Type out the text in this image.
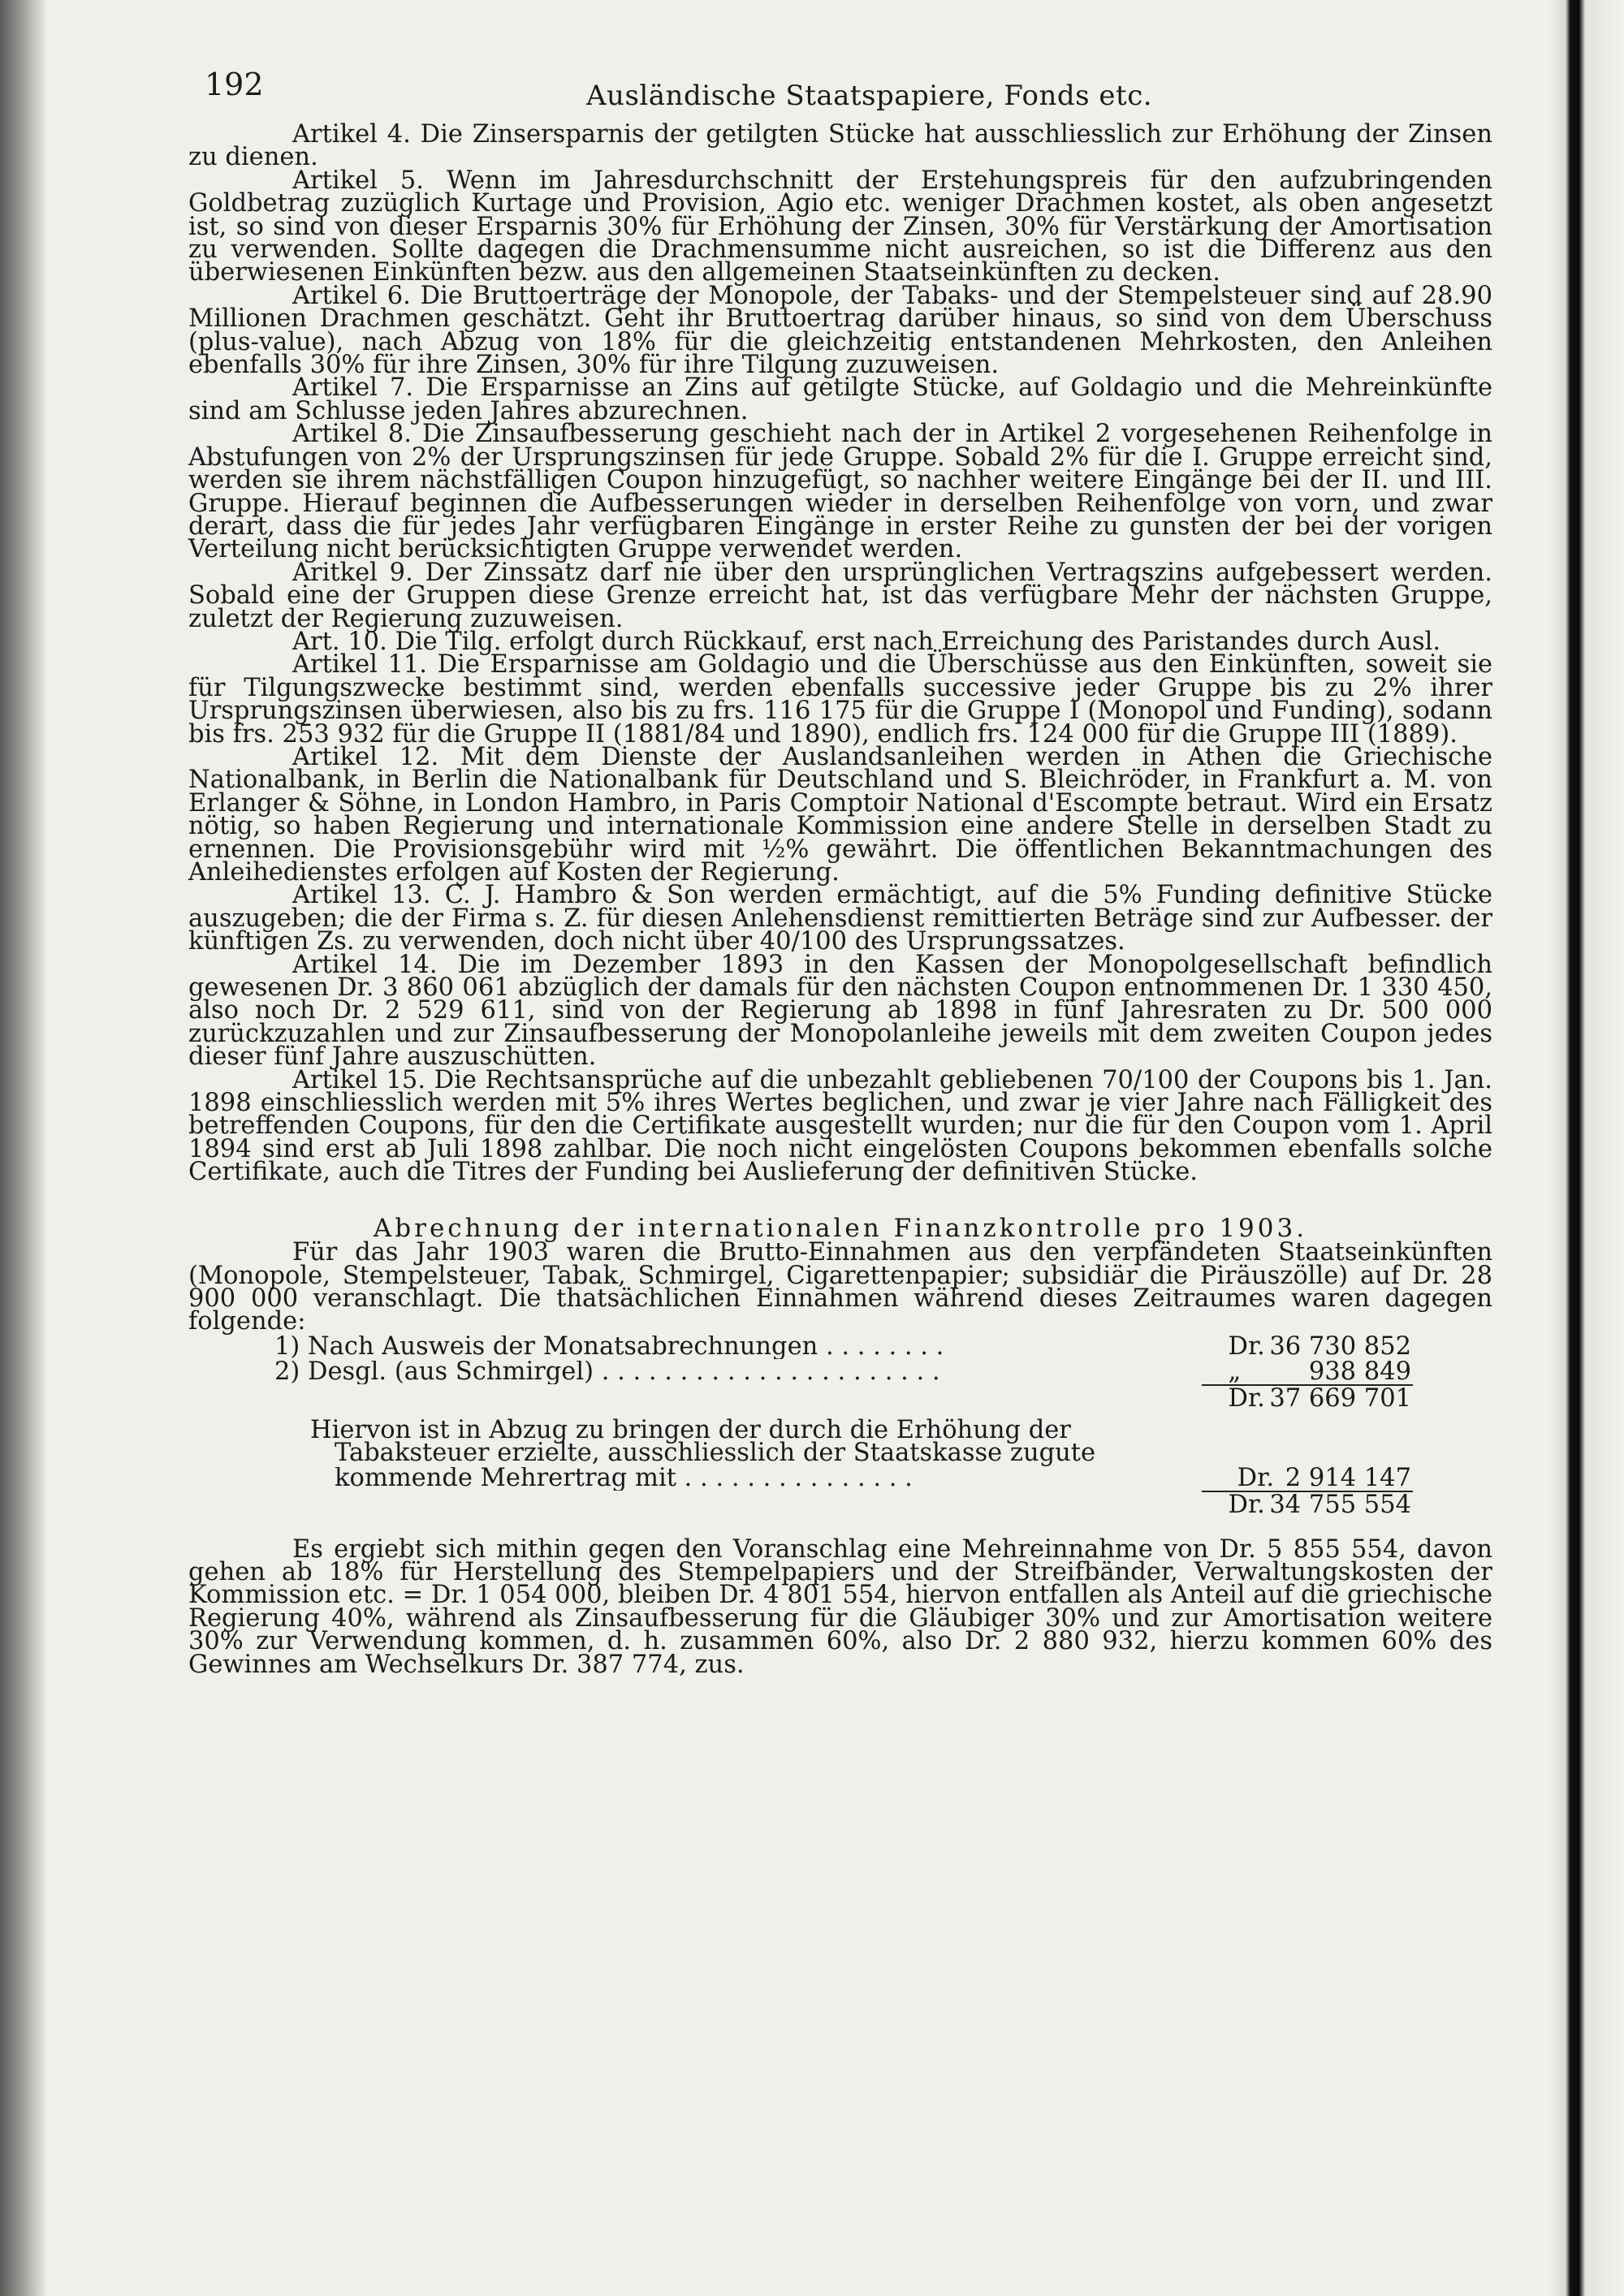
192	Ausländische Staatspapiere, Fonds etc.

Artikel 4. Die Zinsersparnis der getilgten Stücke hat ausschliesslich zur Erhöhung der Zinsen zu dienen.

Artikel 5. Wenn im Jahresdurchschnitt der Erstehungspreis für den aufzubringenden Goldbetrag zuzüglich Kurtage und Provision, Agio etc. weniger Drachmen kostet, als oben angesetzt ist, so sind von dieser Ersparnis 30% für Erhöhung der Zinsen, 30% für Verstärkung der Amortisation zu verwenden. Sollte dagegen die Drachmensumme nicht ausreichen, so ist die Differenz aus den überwiesenen Einkünften bezw. aus den allgemeinen Staatseinkünften zu decken.

Artikel 6. Die Bruttoerträge der Monopole, der Tabaks- und der Stempelsteuer sind auf 28.90 Millionen Drachmen geschätzt. Geht ihr Bruttoertrag darüber hinaus, so sind von dem Überschuss (plus-value), nach Abzug von 18% für die gleichzeitig entstandenen Mehrkosten, den Anleihen ebenfalls 30% für ihre Zinsen, 30% für ihre Tilgung zuzuweisen.

Artikel 7. Die Ersparnisse an Zins auf getilgte Stücke, auf Goldagio und die Mehreinkünfte sind am Schlusse jeden Jahres abzurechnen.

Artikel 8. Die Zinsaufbesserung geschieht nach der in Artikel 2 vorgesehenen Reihenfolge in Abstufungen von 2% der Ursprungszinsen für jede Gruppe. Sobald 2% für die I. Gruppe erreicht sind, werden sie ihrem nächstfälligen Coupon hinzugefügt, so nachher weitere Eingänge bei der II. und III. Gruppe. Hierauf beginnen die Aufbesserungen wieder in derselben Reihenfolge von vorn, und zwar derart, dass die für jedes Jahr verfügbaren Eingänge in erster Reihe zu gunsten der bei der vorigen Verteilung nicht berücksichtigten Gruppe verwendet werden.

Aritkel 9. Der Zinssatz darf nie über den ursprünglichen Vertragszins aufgebessert werden. Sobald eine der Gruppen diese Grenze erreicht hat, ist das verfügbare Mehr der nächsten Gruppe, zuletzt der Regierung zuzuweisen.

Art. 10. Die Tilg. erfolgt durch Rückkauf, erst nach Erreichung des Paristandes durch Ausl.

Artikel 11. Die Ersparnisse am Goldagio und die Überschüsse aus den Einkünften, soweit sie für Tilgungszwecke bestimmt sind, werden ebenfalls successive jeder Gruppe bis zu 2% ihrer Ursprungszinsen überwiesen, also bis zu frs. 116 175 für die Gruppe I (Monopol und Funding), sodann bis frs. 253 932 für die Gruppe II (1881/84 und 1890), endlich frs. 124 000 für die Gruppe III (1889).

Artikel 12. Mit dem Dienste der Auslandsanleihen werden in Athen die Griechische Nationalbank, in Berlin die Nationalbank für Deutschland und S. Bleichröder, in Frankfurt a. M. von Erlanger & Söhne, in London Hambro, in Paris Comptoir National d'Escompte betraut. Wird ein Ersatz nötig, so haben Regierung und internationale Kommission eine andere Stelle in derselben Stadt zu ernennen. Die Provisionsgebühr wird mit ½% gewährt. Die öffentlichen Bekanntmachungen des Anleihedienstes erfolgen auf Kosten der Regierung.

Artikel 13. C. J. Hambro & Son werden ermächtigt, auf die 5% Funding definitive Stücke auszugeben; die der Firma s. Z. für diesen Anlehensdienst remittierten Beträge sind zur Aufbesser. der künftigen Zs. zu verwenden, doch nicht über 40/100 des Ursprungssatzes.

Artikel 14. Die im Dezember 1893 in den Kassen der Monopolgesellschaft befindlich gewesenen Dr. 3 860 061 abzüglich der damals für den nächsten Coupon entnommenen Dr. 1 330 450, also noch Dr. 2 529 611, sind von der Regierung ab 1898 in fünf Jahresraten zu Dr. 500 000 zurückzuzahlen und zur Zinsaufbesserung der Monopolanleihe jeweils mit dem zweiten Coupon jedes dieser fünf Jahre auszuschütten.

Artikel 15. Die Rechtsansprüche auf die unbezahlt gebliebenen 70/100 der Coupons bis 1. Jan. 1898 einschliesslich werden mit 5% ihres Wertes beglichen, und zwar je vier Jahre nach Fälligkeit des betreffenden Coupons, für den die Certifikate ausgestellt wurden; nur die für den Coupon vom 1. April 1894 sind erst ab Juli 1898 zahlbar. Die noch nicht eingelösten Coupons bekommen ebenfalls solche Certifikate, auch die Titres der Funding bei Auslieferung der definitiven Stücke.

Abrechnung der internationalen Finanzkontrolle pro 1903.

Für das Jahr 1903 waren die Brutto-Einnahmen aus den verpfändeten Staatseinkünften (Monopole, Stempelsteuer, Tabak, Schmirgel, Cigarettenpapier; subsidiär die Piräuszölle) auf Dr. 28 900 000 veranschlagt. Die thatsächlichen Einnahmen während dieses Zeitraumes waren dagegen folgende:

1) Nach Ausweis der Monatsabrechnungen . . . . . . . .	Dr. 36 730 852
2) Desgl. (aus Schmirgel) . . . . . . . . . . . . . . . . . . . . . .	„	938 849
Dr. 37 669 701
Hiervon ist in Abzug zu bringen der durch die Erhöhung der
Tabaksteuer erzielte, ausschliesslich der Staatskasse zugute
kommende Mehrertrag mit . . . . . . . . . . . . . . .	Dr. 2 914 147
Dr. 34 755 554

Es ergiebt sich mithin gegen den Voranschlag eine Mehreinnahme von Dr. 5 855 554, davon gehen ab 18% für Herstellung des Stempelpapiers und der Streifbänder, Verwaltungskosten der Kommission etc. = Dr. 1 054 000, bleiben Dr. 4 801 554, hiervon entfallen als Anteil auf die griechische Regierung 40%, während als Zinsaufbesserung für die Gläubiger 30% und zur Amortisation weitere 30% zur Verwendung kommen, d. h. zusammen 60%, also Dr. 2 880 932, hierzu kommen 60% des Gewinnes am Wechselkurs Dr. 387 774, zus.
